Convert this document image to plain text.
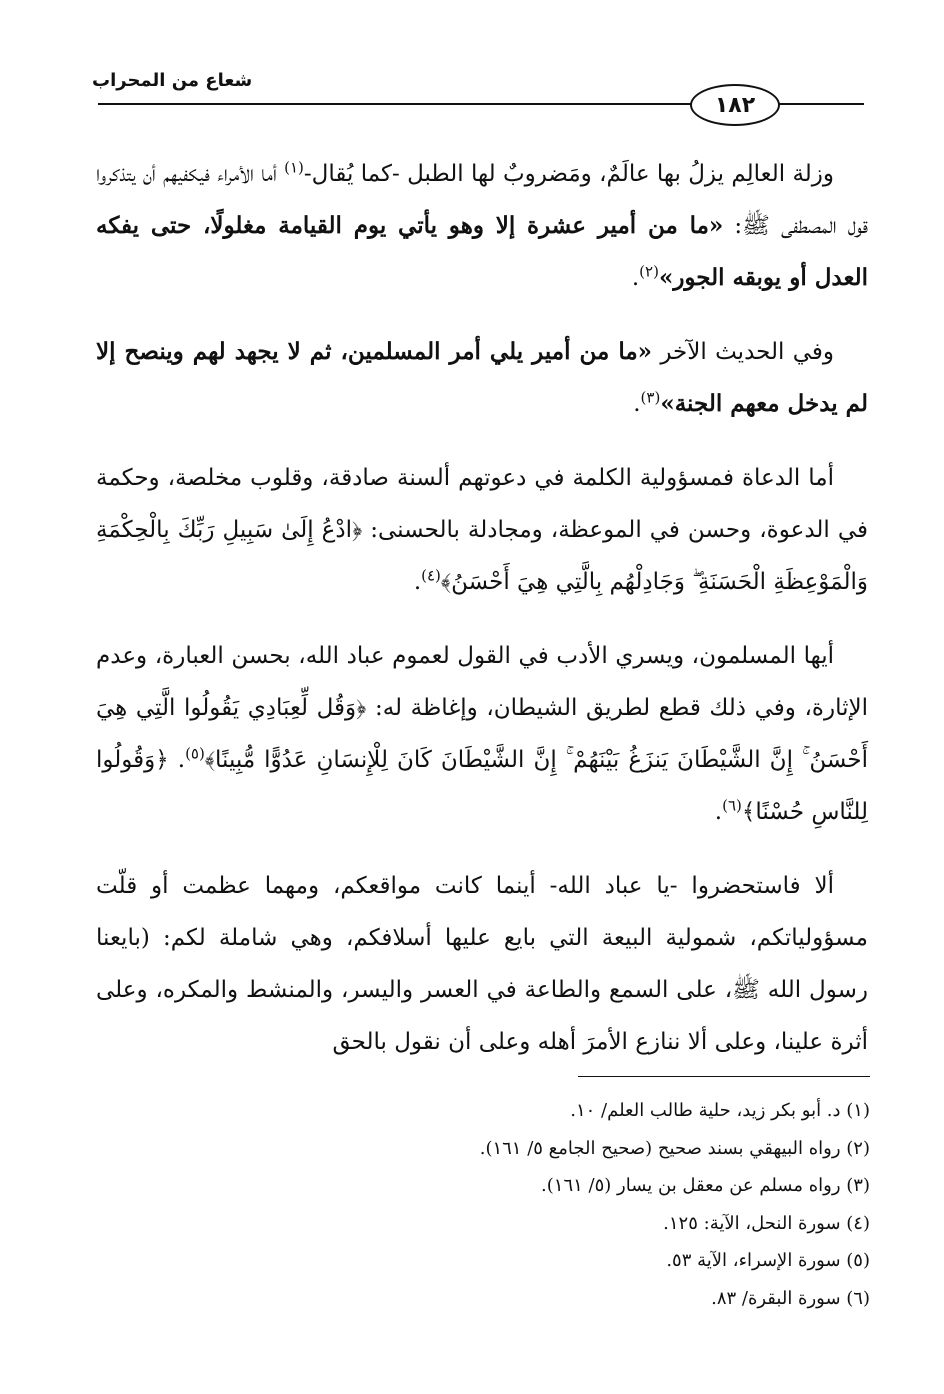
شعاع من المحراب
١٨٢

وزلة العالِم يزلُ بها عالَمٌ، ومَضروبٌ لها الطبل -كما يُقال-$^{(١)}$ أما الأمراء فيكفيهم أن يتذكروا قول المصطفى ﷺ: «ما من أمير عشرة إلا وهو يأتي يوم القيامة مغلولًا، حتى يفكه العدل أو يوبقه الجور»$^{(٢)}$.

وفي الحديث الآخر «ما من أمير يلي أمر المسلمين، ثم لا يجهد لهم وينصح إلا لم يدخل معهم الجنة»$^{(٣)}$.

أما الدعاة فمسؤولية الكلمة في دعوتهم ألسنة صادقة، وقلوب مخلصة، وحكمة في الدعوة، وحسن في الموعظة، ومجادلة بالحسنى: ﴿ادْعُ إِلَىٰ سَبِيلِ رَبِّكَ بِالْحِكْمَةِ وَالْمَوْعِظَةِ الْحَسَنَةِ ۖ وَجَادِلْهُم بِالَّتِي هِيَ أَحْسَنُ﴾$^{(٤)}$.

أيها المسلمون، ويسري الأدب في القول لعموم عباد الله، بحسن العبارة، وعدم الإثارة، وفي ذلك قطع لطريق الشيطان، وإغاظة له: ﴿وَقُل لِّعِبَادِي يَقُولُوا الَّتِي هِيَ أَحْسَنُ ۚ إِنَّ الشَّيْطَانَ يَنزَغُ بَيْنَهُمْ ۚ إِنَّ الشَّيْطَانَ كَانَ لِلْإِنسَانِ عَدُوًّا مُّبِينًا﴾$^{(٥)}$. ﴿وَقُولُوا لِلنَّاسِ حُسْنًا﴾$^{(٦)}$.

ألا فاستحضروا -يا عباد الله- أينما كانت مواقعكم، ومهما عظمت أو قلّت مسؤولياتكم، شمولية البيعة التي بايع عليها أسلافكم، وهي شاملة لكم: (بايعنا رسول الله ﷺ، على السمع والطاعة في العسر واليسر، والمنشط والمكره، وعلى أثرة علينا، وعلى ألا ننازع الأمرَ أهله وعلى أن نقول بالحق

(١) د. أبو بكر زيد، حلية طالب العلم/ ١٠.

(٢) رواه البيهقي بسند صحيح (صحيح الجامع ٥/ ١٦١).

(٣) رواه مسلم عن معقل بن يسار (٥/ ١٦١).

(٤) سورة النحل، الآية: ١٢٥.

(٥) سورة الإسراء، الآية ٥٣.

(٦) سورة البقرة/ ٨٣.
